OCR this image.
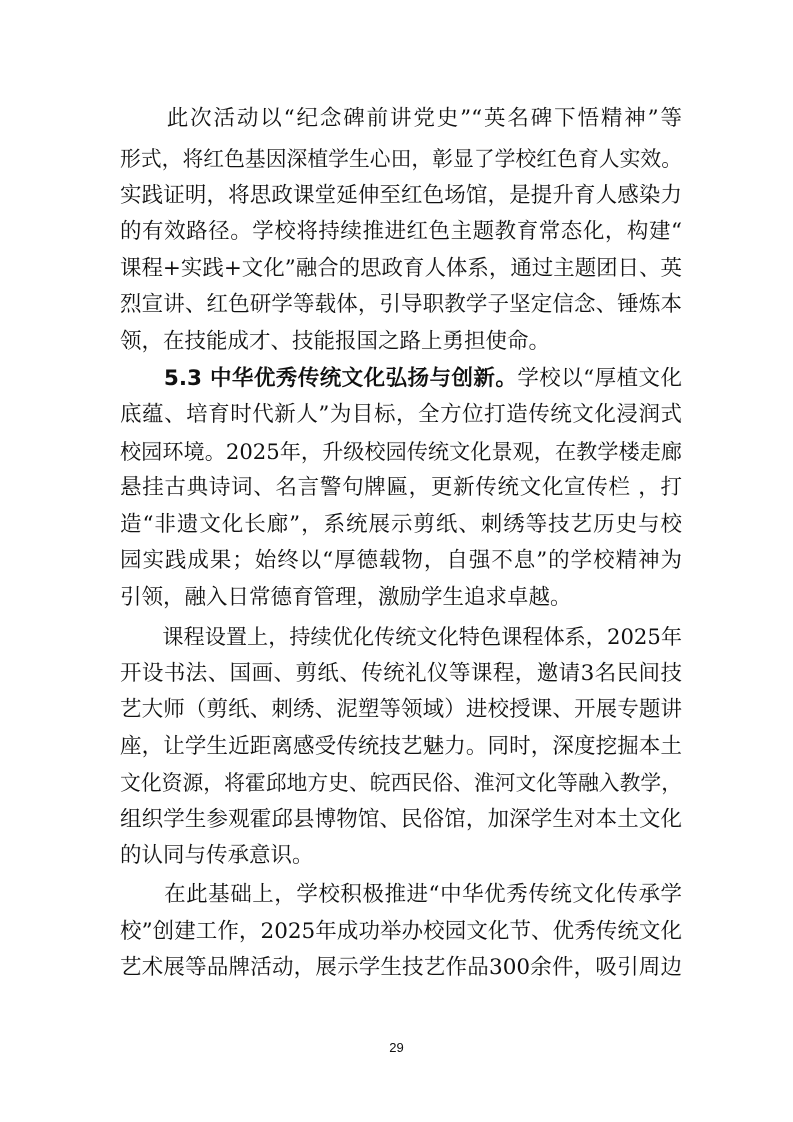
　　此次活动以“纪念碑前讲党史”“英名碑下悟精神”等
形式，将红色基因深植学生心田，彰显了学校红色育人实效。
实践证明，将思政课堂延伸至红色场馆，是提升育人感染力
的有效路径。学校将持续推进红色主题教育常态化，构建“
课程+实践+文化”融合的思政育人体系，通过主题团日、英
烈宣讲、红色研学等载体，引导职教学子坚定信念、锤炼本
领，在技能成才、技能报国之路上勇担使命。
　　5.3 中华优秀传统文化弘扬与创新。学校以“厚植文化
底蕴、培育时代新人”为目标，全方位打造传统文化浸润式
校园环境。2025年，升级校园传统文化景观，在教学楼走廊
悬挂古典诗词、名言警句牌匾，更新传统文化宣传栏 ，打
造“非遗文化长廊”，系统展示剪纸、刺绣等技艺历史与校
园实践成果；始终以“厚德载物，自强不息”的学校精神为
引领，融入日常德育管理，激励学生追求卓越。
　　课程设置上，持续优化传统文化特色课程体系，2025年
开设书法、国画、剪纸、传统礼仪等课程，邀请3名民间技
艺大师（剪纸、刺绣、泥塑等领域）进校授课、开展专题讲
座，让学生近距离感受传统技艺魅力。同时，深度挖掘本土
文化资源，将霍邱地方史、皖西民俗、淮河文化等融入教学，
组织学生参观霍邱县博物馆、民俗馆，加深学生对本土文化
的认同与传承意识。
　　在此基础上，学校积极推进“中华优秀传统文化传承学
校”创建工作，2025年成功举办校园文化节、优秀传统文化
艺术展等品牌活动，展示学生技艺作品300余件，吸引周边
29
